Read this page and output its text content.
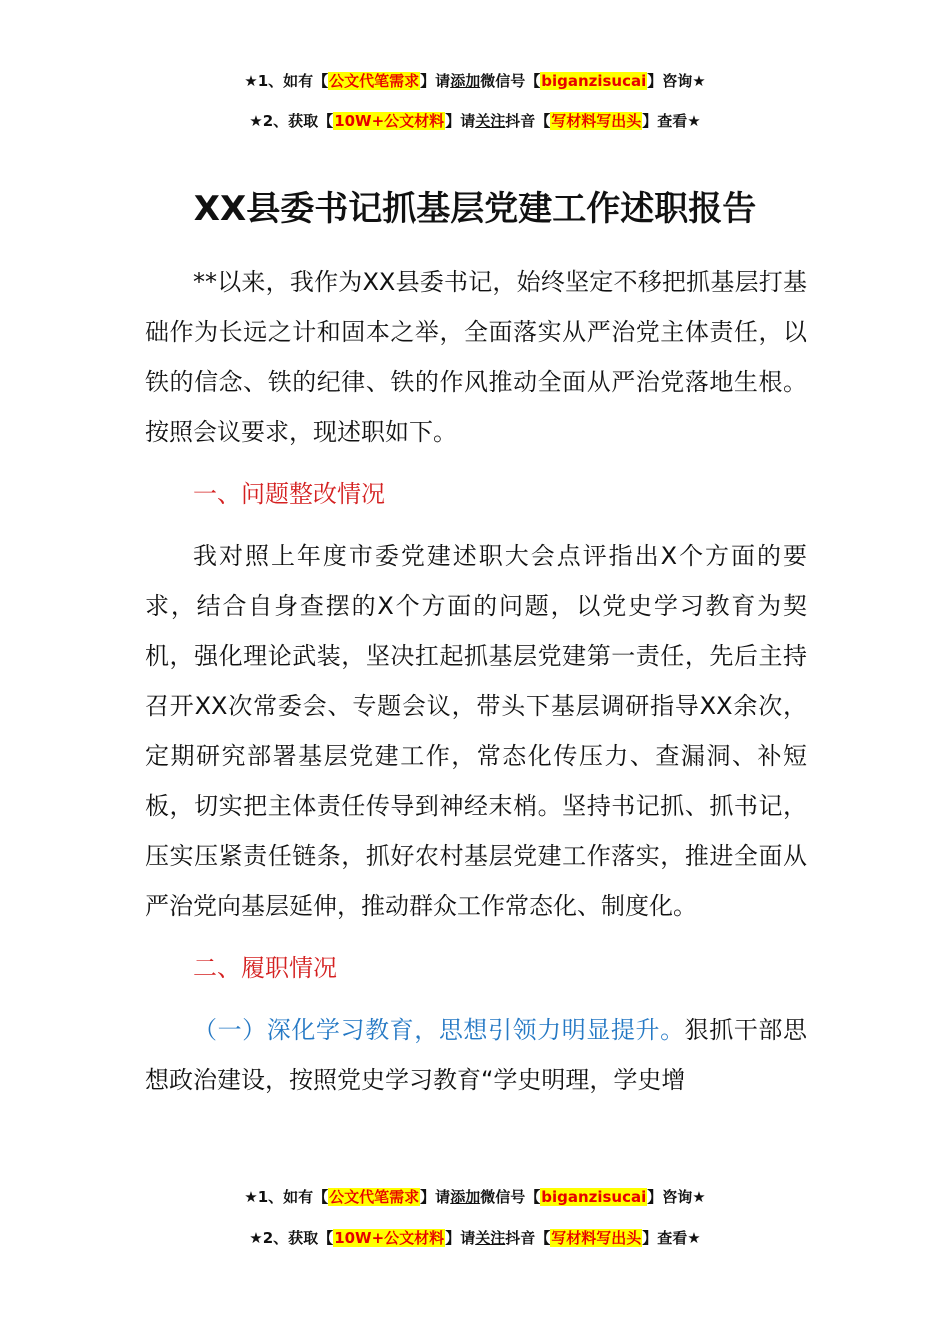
★1、如有【公文代笔需求】请添加微信号【biganzisucai】咨询★
★2、获取【10W+公文材料】请关注抖音【写材料写出头】查看★
XX县委书记抓基层党建工作述职报告

**以来，我作为XX县委书记，始终坚定不移把抓基层打基础作为长远之计和固本之举，全面落实从严治党主体责任，以铁的信念、铁的纪律、铁的作风推动全面从严治党落地生根。按照会议要求，现述职如下。

一、问题整改情况

我对照上年度市委党建述职大会点评指出X个方面的要求，结合自身查摆的X个方面的问题，以党史学习教育为契机，强化理论武装，坚决扛起抓基层党建第一责任，先后主持召开XX次常委会、专题会议，带头下基层调研指导XX余次，定期研究部署基层党建工作，常态化传压力、查漏洞、补短板，切实把主体责任传导到神经末梢。坚持书记抓、抓书记，压实压紧责任链条，抓好农村基层党建工作落实，推进全面从严治党向基层延伸，推动群众工作常态化、制度化。

二、履职情况

（一）深化学习教育，思想引领力明显提升。狠抓干部思想政治建设，按照党史学习教育“学史明理，学史增

★1、如有【公文代笔需求】请添加微信号【biganzisucai】咨询★
★2、获取【10W+公文材料】请关注抖音【写材料写出头】查看★
